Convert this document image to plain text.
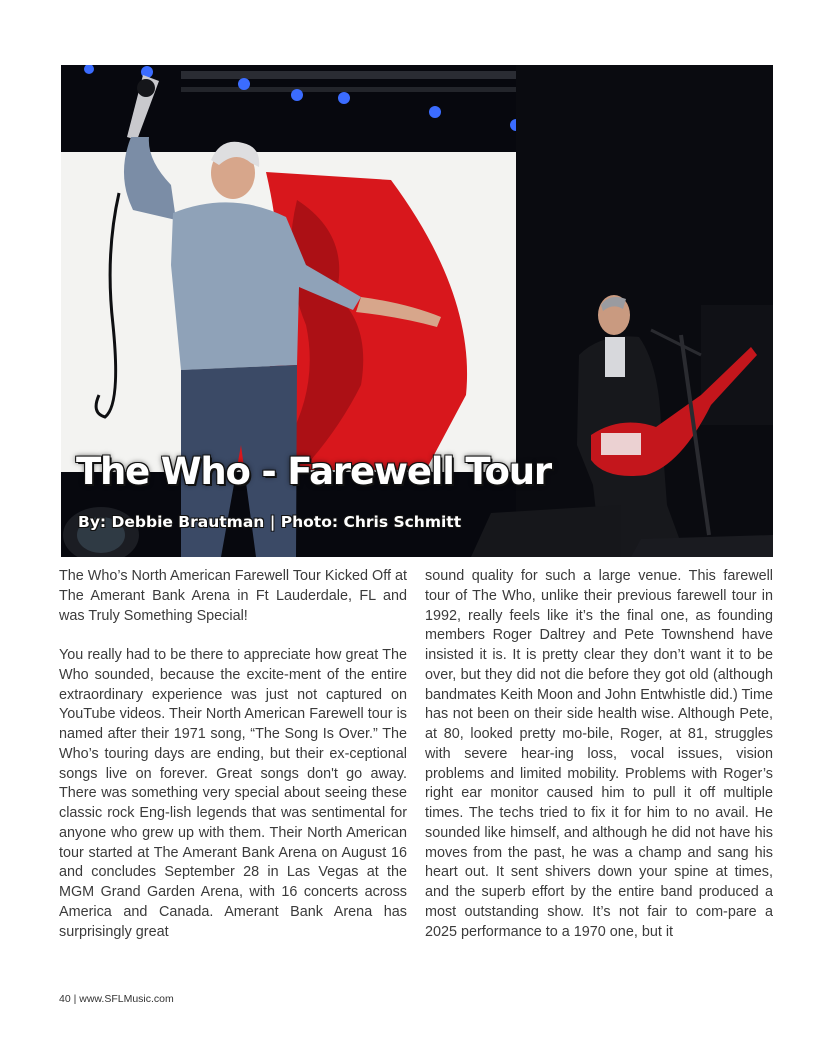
The Who - Farewell Tour
By: Debbie Brautman | Photo: Chris Schmitt

The Who’s North American Farewell Tour Kicked Off at The Amerant Bank Arena in Ft Lauderdale, FL and was Truly Something Special!

You really had to be there to appreciate how great The Who sounded, because the excite-ment of the entire extraordinary experience was just not captured on YouTube videos. Their North American Farewell tour is named after their 1971 song, “The Song Is Over.” The Who’s touring days are ending, but their ex-ceptional songs live on forever. Great songs don't go away. There was something very special about seeing these classic rock Eng-lish legends that was sentimental for anyone who grew up with them. Their North American tour started at The Amerant Bank Arena on August 16 and concludes September 28 in Las Vegas at the MGM Grand Garden Arena, with 16 concerts across America and Canada. Amerant Bank Arena has surprisingly great

sound quality for such a large venue. This farewell tour of The Who, unlike their previous farewell tour in 1992, really feels like it’s the final one, as founding members Roger Daltrey and Pete Townshend have insisted it is. It is pretty clear they don’t want it to be over, but they did not die before they got old (although bandmates Keith Moon and John Entwhistle did.) Time has not been on their side health wise. Although Pete, at 80, looked pretty mo-bile, Roger, at 81, struggles with severe hear-ing loss, vocal issues, vision problems and limited mobility. Problems with Roger’s right ear monitor caused him to pull it off multiple times. The techs tried to fix it for him to no avail. He sounded like himself, and although he did not have his moves from the past, he was a champ and sang his heart out. It sent shivers down your spine at times, and the superb effort by the entire band produced a most outstanding show. It’s not fair to com-pare a 2025 performance to a 1970 one, but it

40 | www.SFLMusic.com
